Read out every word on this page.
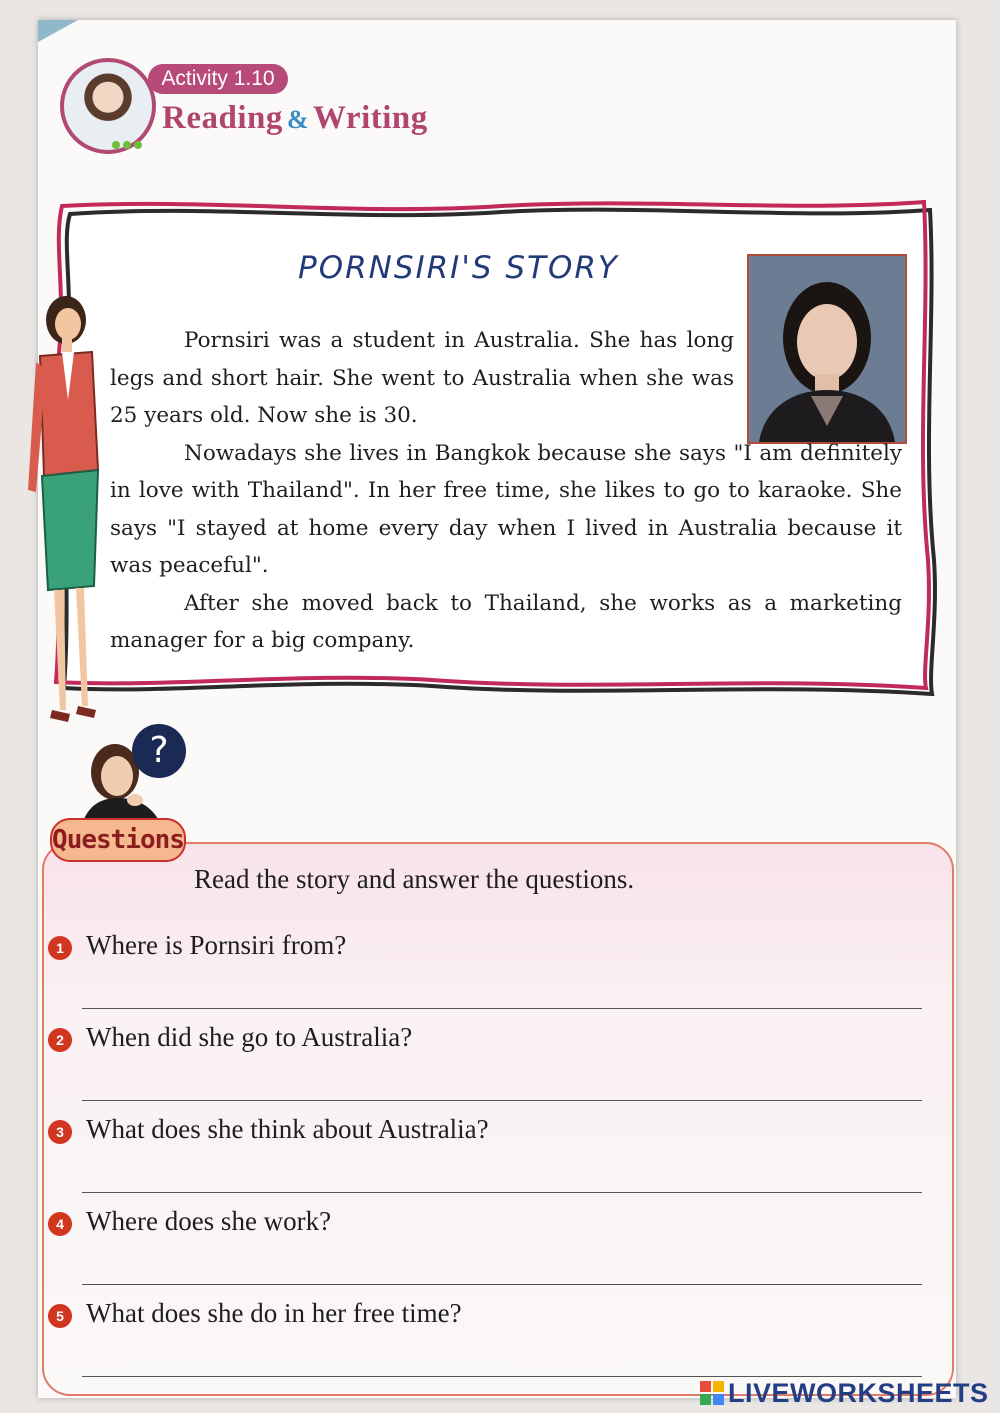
Activity 1.10
Reading & Writing
PORNSIRI'S STORY

Pornsiri was a student in Australia. She has long legs and short hair. She went to Australia when she was 25 years old. Now she is 30.

Nowadays she lives in Bangkok because she says "I am definitely in love with Thailand". In her free time, she likes to go to karaoke. She says "I stayed at home every day when I lived in Australia because it was peaceful".

After she moved back to Thailand, she works as a marketing manager for a big company.

?
Questions
Read the story and answer the questions.
1 Where is Pornsiri from?
2 When did she go to Australia?
3 What does she think about Australia?
4 Where does she work?
5 What does she do in her free time?
LIVEWORKSHEETS
